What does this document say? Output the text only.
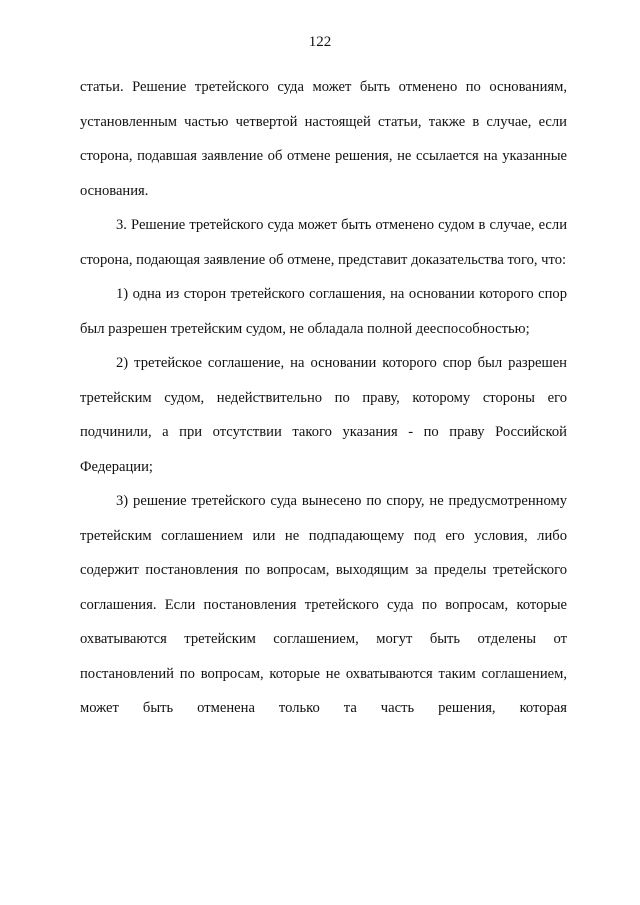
122

статьи. Решение третейского суда может быть отменено по основаниям, установленным частью четвертой настоящей статьи, также в случае, если сторона, подавшая заявление об отмене решения, не ссылается на указанные основания.

3. Решение третейского суда может быть отменено судом в случае, если сторона, подающая заявление об отмене, представит доказательства того, что:

1) одна из сторон третейского соглашения, на основании которого спор был разрешен третейским судом, не обладала полной дееспособностью;

2) третейское соглашение, на основании которого спор был разрешен третейским судом, недействительно по праву, которому стороны его подчинили, а при отсутствии такого указания - по праву Российской Федерации;

3) решение третейского суда вынесено по спору, не предусмотренному третейским соглашением или не подпадающему под его условия, либо содержит постановления по вопросам, выходящим за пределы третейского соглашения. Если постановления третейского суда по вопросам, которые охватываются третейским соглашением, могут быть отделены от постановлений по вопросам, которые не охватываются таким соглашением, может быть отменена только та часть решения, которая
